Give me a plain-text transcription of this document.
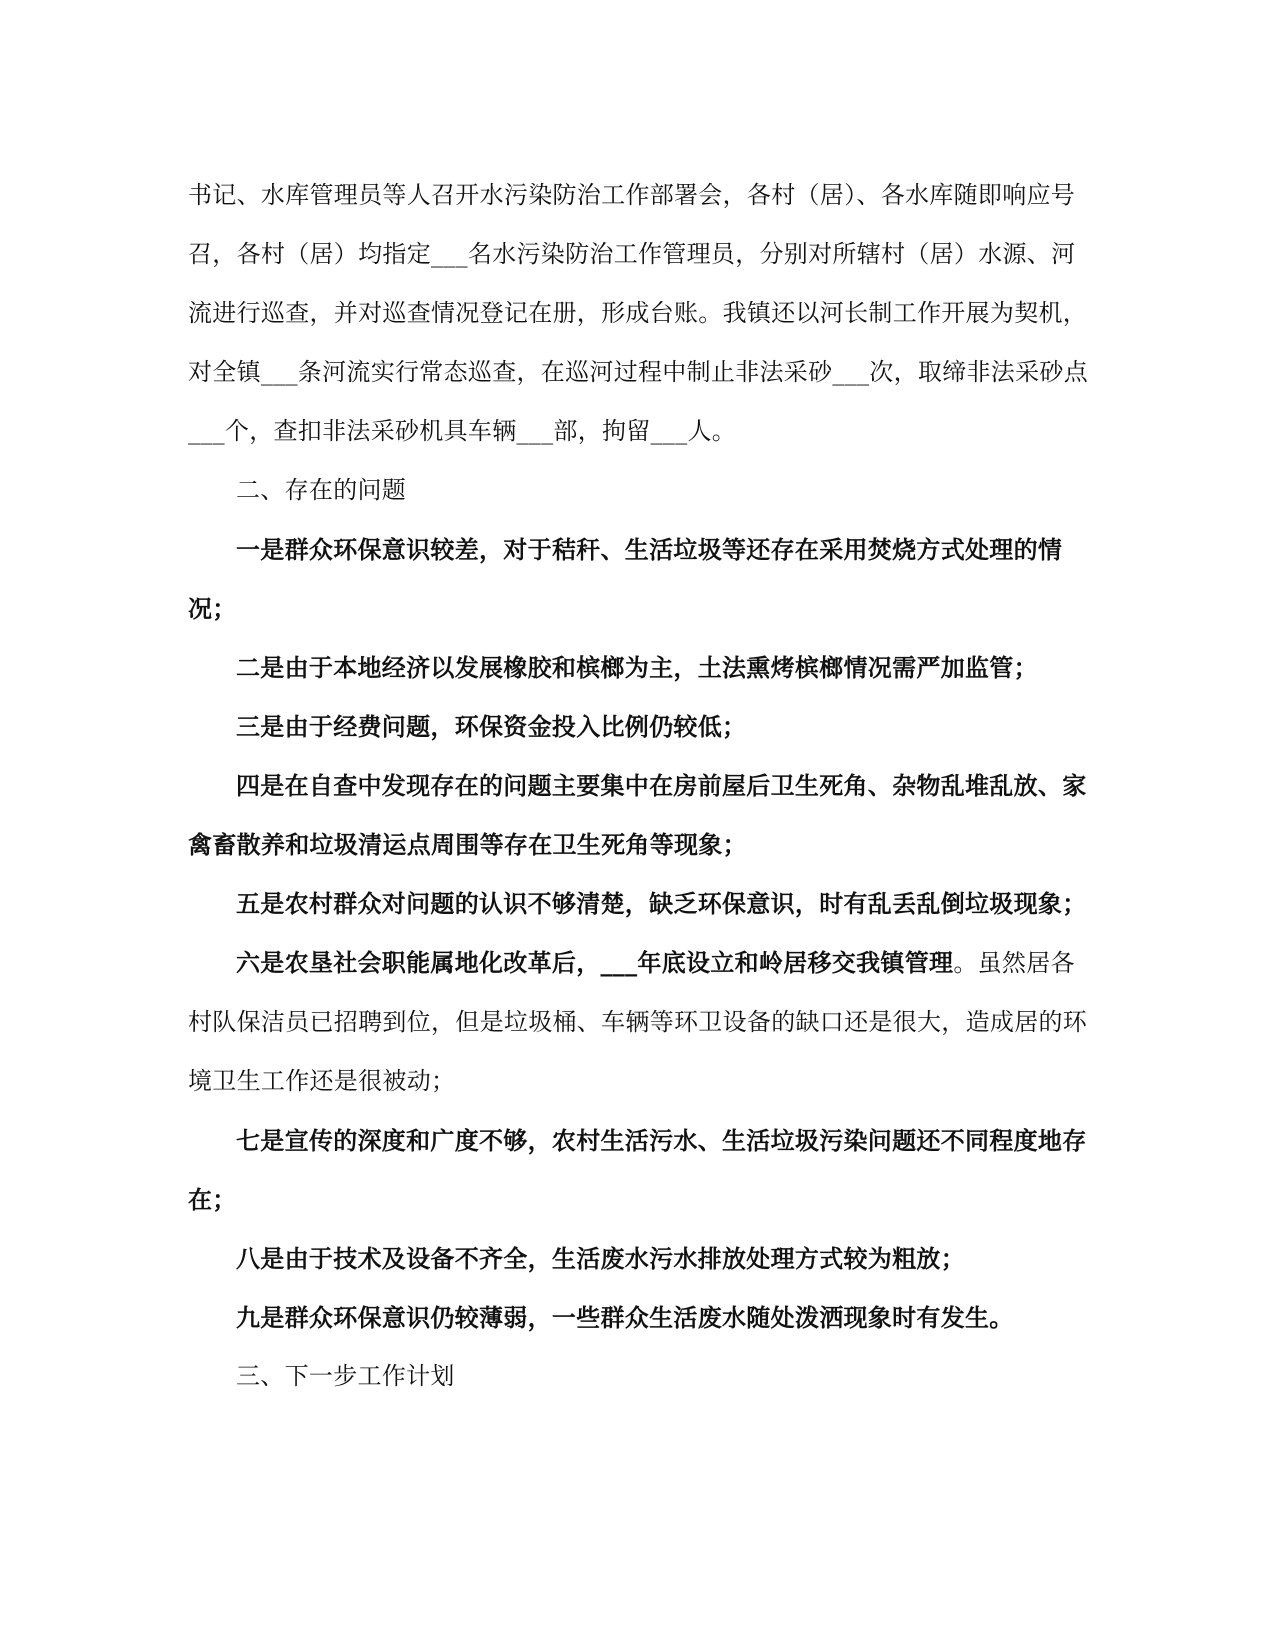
书记、水库管理员等人召开水污染防治工作部署会，各村（居）、各水库随即响应号召，各村（居）均指定___名水污染防治工作管理员，分别对所辖村（居）水源、河流进行巡查，并对巡查情况登记在册，形成台账。我镇还以河长制工作开展为契机，对全镇___条河流实行常态巡查，在巡河过程中制止非法采砂___次，取缔非法采砂点___个，查扣非法采砂机具车辆___部，拘留___人。

二、存在的问题

一是群众环保意识较差，对于秸秆、生活垃圾等还存在采用焚烧方式处理的情况；

二是由于本地经济以发展橡胶和槟榔为主，土法熏烤槟榔情况需严加监管；

三是由于经费问题，环保资金投入比例仍较低；

四是在自查中发现存在的问题主要集中在房前屋后卫生死角、杂物乱堆乱放、家禽畜散养和垃圾清运点周围等存在卫生死角等现象；

五是农村群众对问题的认识不够清楚，缺乏环保意识，时有乱丢乱倒垃圾现象；

六是农垦社会职能属地化改革后，___年底设立和岭居移交我镇管理。虽然居各村队保洁员已招聘到位，但是垃圾桶、车辆等环卫设备的缺口还是很大，造成居的环境卫生工作还是很被动；

七是宣传的深度和广度不够，农村生活污水、生活垃圾污染问题还不同程度地存在；

八是由于技术及设备不齐全，生活废水污水排放处理方式较为粗放；

九是群众环保意识仍较薄弱，一些群众生活废水随处泼洒现象时有发生。

三、下一步工作计划
